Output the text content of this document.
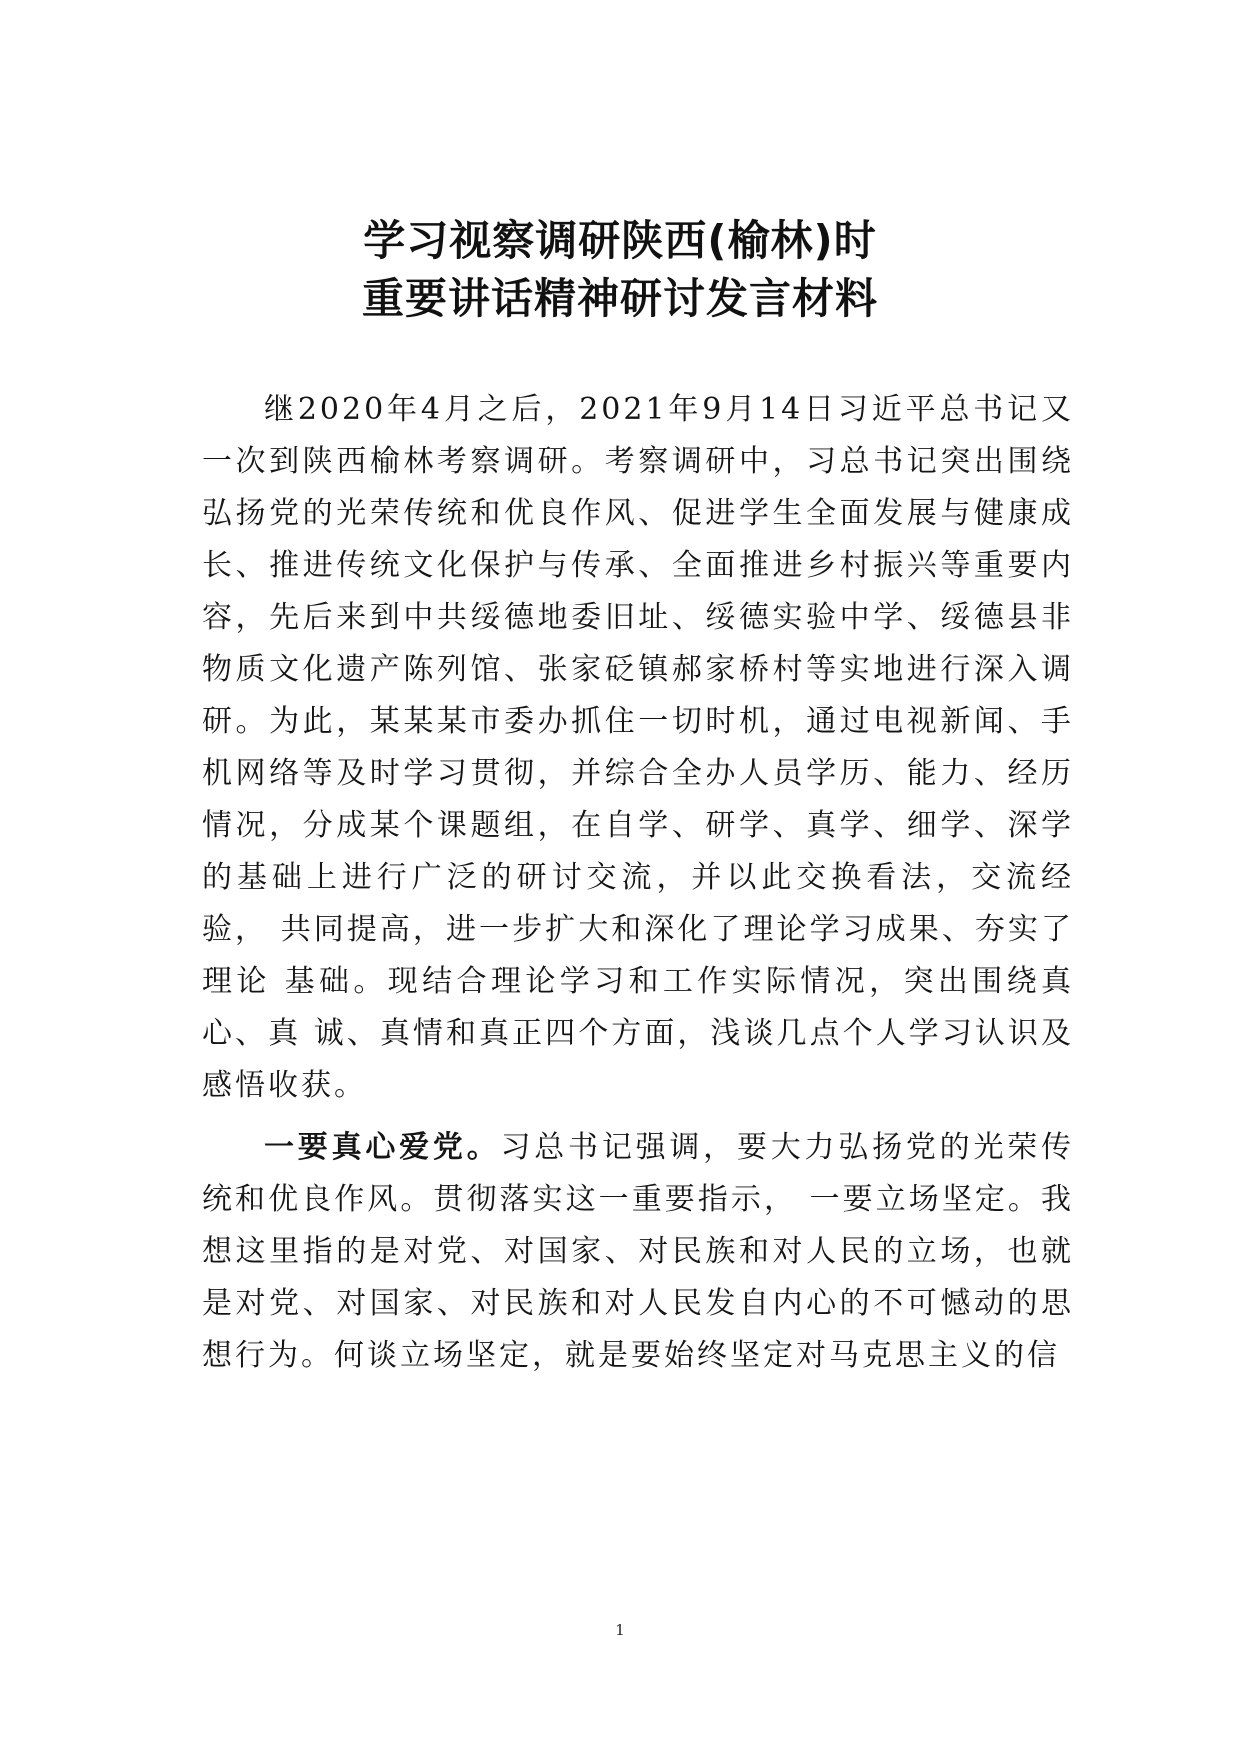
学习视察调研陕西(榆林)时
重要讲话精神研讨发言材料

继2020年4月之后，2021年9月14日习近平总书记又 一次到陕西榆林考察调研。考察调研中，习总书记突出围绕 弘扬党的光荣传统和优良作风、促进学生全面发展与健康成 长、推进传统文化保护与传承、全面推进乡村振兴等重要内 容，先后来到中共绥德地委旧址、绥德实验中学、绥德县非 物质文化遗产陈列馆、张家砭镇郝家桥村等实地进行深入调 研。为此，某某某市委办抓住一切时机，通过电视新闻、手 机网络等及时学习贯彻，并综合全办人员学历、能力、经历 情况，分成某个课题组，在自学、研学、真学、细学、深学 的基础上进行广泛的研讨交流，并以此交换看法，交流经验， 共同提高，进一步扩大和深化了理论学习成果、夯实了理论 基础。现结合理论学习和工作实际情况，突出围绕真心、真 诚、真情和真正四个方面，浅谈几点个人学习认识及感悟收获。

一要真心爱党。习总书记强调，要大力弘扬党的光荣传统和优良作风。贯彻落实这一重要指示， 一要立场坚定。我想这里指的是对党、对国家、对民族和对人民的立场，也就是对党、对国家、对民族和对人民发自内心的不可憾动的思想行为。何谈立场坚定，就是要始终坚定对马克思主义的信

1
